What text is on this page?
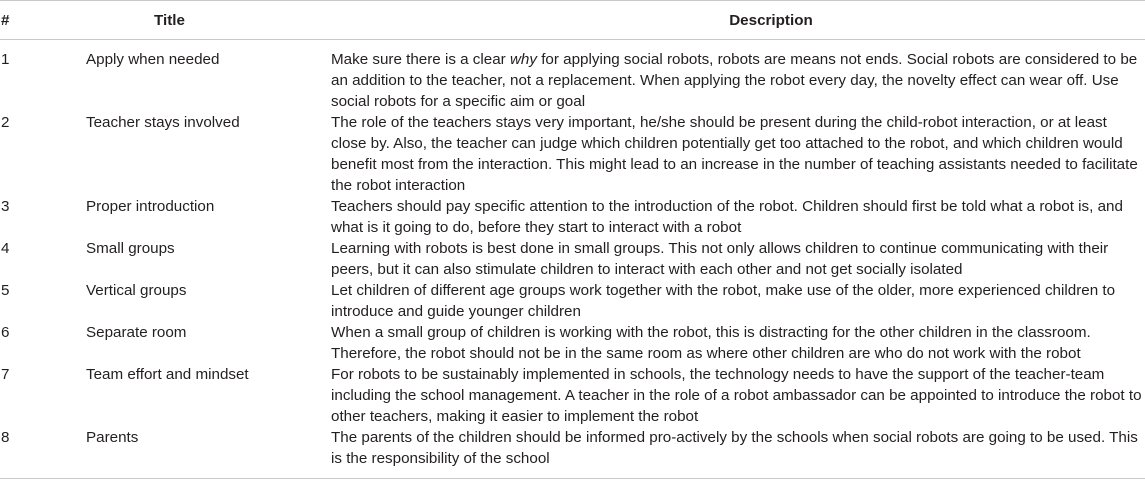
#	Title	Description
1	Apply when needed	Make sure there is a clear why for applying social robots, robots are means not ends. Social robots are considered to be an addition to the teacher, not a replacement. When applying the robot every day, the novelty effect can wear off. Use social robots for a specific aim or goal
2	Teacher stays involved	The role of the teachers stays very important, he/she should be present during the child-robot interaction, or at least close by. Also, the teacher can judge which children potentially get too attached to the robot, and which children would benefit most from the interaction. This might lead to an increase in the number of teaching assistants needed to facilitate the robot interaction
3	Proper introduction	Teachers should pay specific attention to the introduction of the robot. Children should first be told what a robot is, and what is it going to do, before they start to interact with a robot
4	Small groups	Learning with robots is best done in small groups. This not only allows children to continue communicating with their peers, but it can also stimulate children to interact with each other and not get socially isolated
5	Vertical groups	Let children of different age groups work together with the robot, make use of the older, more experienced children to introduce and guide younger children
6	Separate room	When a small group of children is working with the robot, this is distracting for the other children in the classroom. Therefore, the robot should not be in the same room as where other children are who do not work with the robot
7	Team effort and mindset	For robots to be sustainably implemented in schools, the technology needs to have the support of the teacher-team including the school management. A teacher in the role of a robot ambassador can be appointed to introduce the robot to other teachers, making it easier to implement the robot
8	Parents	The parents of the children should be informed pro-actively by the schools when social robots are going to be used. This is the responsibility of the school
